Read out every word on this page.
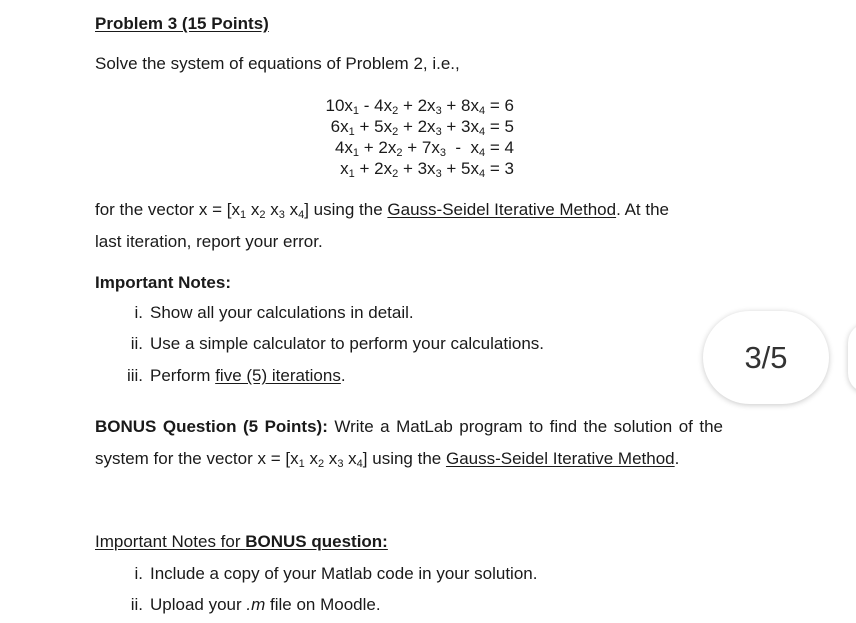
Problem 3 (15 Points)
Solve the system of equations of Problem 2, i.e.,
$10x_1 - 4x_2 + 2x_3 + 8x_4 = 6$
$6x_1 + 5x_2 + 2x_3 + 3x_4 = 5$
$4x_1 + 2x_2 + 7x_3 - x_4 = 4$
$x_1 + 2x_2 + 3x_3 + 5x_4 = 3$
for the vector $x = [x_1$ $x_2$ $x_3$ $x_4$] using the Gauss-Seidel Iterative Method. At the
last iteration, report your error.
Important Notes:
i. Show all your calculations in detail.
ii. Use a simple calculator to perform your calculations.
iii. Perform five (5) iterations.
BONUS Question (5 Points): Write a MatLab program to find the solution of the system for the vector $x = [x_1$ $x_2$ $x_3$ $x_4$] using the Gauss-Seidel Iterative Method.
Important Notes for BONUS question:
i. Include a copy of your Matlab code in your solution.
ii. Upload your .m file on Moodle.
3/5
